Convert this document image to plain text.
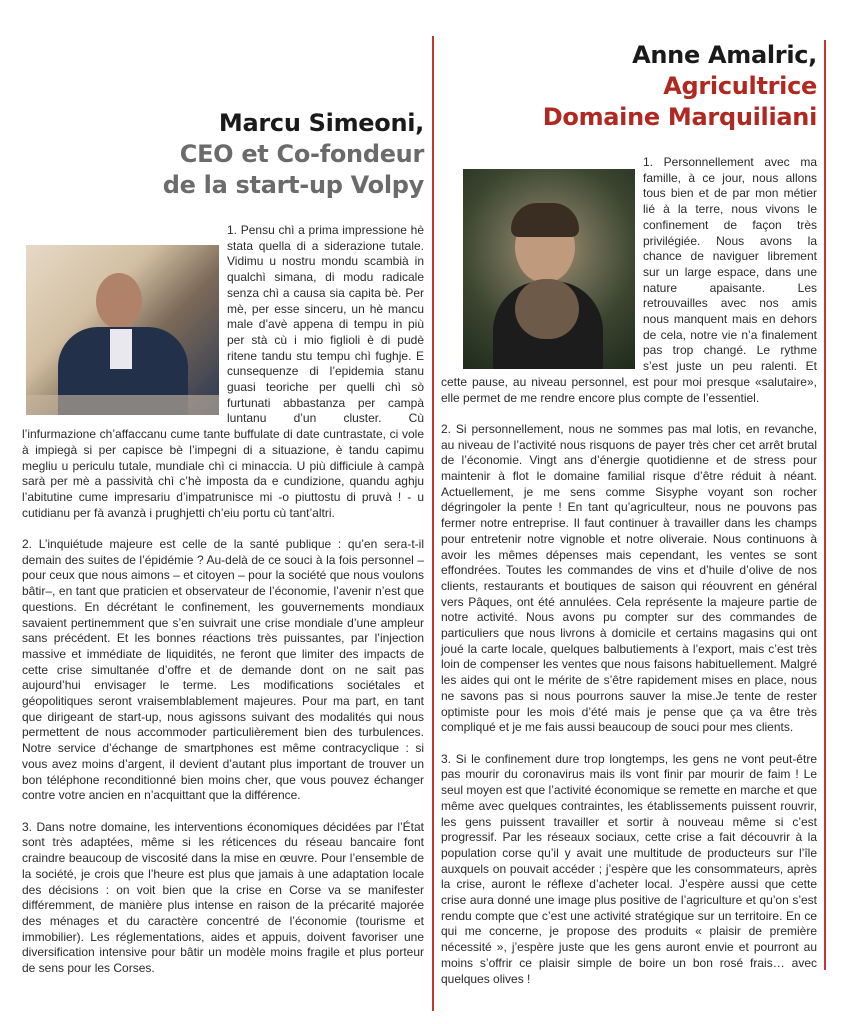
Marcu Simeoni,
CEO et Co-fondeur
de la start-up Volpy

1. Pensu chì a prima impressione hè stata quella di a siderazione tutale. Vidimu u nostru mondu scambià in qualchì simana, di modu radicale senza chì a causa sia capita bè. Per mè, per esse sinceru, un hè mancu male d’avè appena di tempu in più per stà cù i mio figlioli è di pudè ritene tandu stu tempu chì fughje. E cunsequenze di l’epidemia stanu guasi teoriche per quelli chì sò furtunati abbastanza per campà luntanu d’un cluster. Cù l’infurmazione ch’affaccanu cume tante buffulate di date cuntrastate, ci vole à impiegà si per capisce bè l’impegni di a situazione, è tandu capimu megliu u periculu tutale, mundiale chì ci minaccia. U più difficiule à campà sarà per mè a passività chì c’hè imposta da e cundizione, quandu aghju l’abitutine cume impresariu d’impatrunisce mi -o piuttostu di pruvà ! - u cutidianu per fà avanzà i prughjetti ch’eiu portu cù tant’altri.

2. L’inquiétude majeure est celle de la santé publique : qu’en sera-t-il demain des suites de l’épidémie ? Au-delà de ce souci à la fois personnel – pour ceux que nous aimons – et citoyen – pour la société que nous voulons bâtir–, en tant que praticien et observateur de l’économie, l’avenir n’est que questions. En décrétant le confinement, les gouvernements mondiaux savaient pertinemment que s’en suivrait une crise mondiale d’une ampleur sans précédent. Et les bonnes réactions très puissantes, par l’injection massive et immédiate de liquidités, ne feront que limiter des impacts de cette crise simultanée d’offre et de demande dont on ne sait pas aujourd’hui envisager le terme. Les modifications sociétales et géopolitiques seront vraisemblablement majeures. Pour ma part, en tant que dirigeant de start-up, nous agissons suivant des modalités qui nous permettent de nous accommoder particulièrement bien des turbulences. Notre service d’échange de smartphones est même contracyclique : si vous avez moins d’argent, il devient d’autant plus important de trouver un bon téléphone reconditionné bien moins cher, que vous pouvez échanger contre votre ancien en n’acquittant que la différence.

3. Dans notre domaine, les interventions économiques décidées par l’État sont très adaptées, même si les réticences du réseau bancaire font craindre beaucoup de viscosité dans la mise en œuvre. Pour l’ensemble de la société, je crois que l’heure est plus que jamais à une adaptation locale des décisions : on voit bien que la crise en Corse va se manifester différemment, de manière plus intense en raison de la précarité majorée des ménages et du caractère concentré de l’économie (tourisme et immobilier). Les réglementations, aides et appuis, doivent favoriser une diversification intensive pour bâtir un modèle moins fragile et plus porteur de sens pour les Corses.

Anne Amalric,
Agricultrice
Domaine Marquiliani

1. Personnellement avec ma famille, à ce jour, nous allons tous bien et de par mon métier lié à la terre, nous vivons le confinement de façon très privilégiée. Nous avons la chance de naviguer librement sur un large espace, dans une nature apaisante. Les retrouvailles avec nos amis nous manquent mais en dehors de cela, notre vie n’a finalement pas trop changé. Le rythme s’est juste un peu ralenti. Et cette pause, au niveau personnel, est pour moi presque «salutaire», elle permet de me rendre encore plus compte de l’essentiel.

2. Si personnellement, nous ne sommes pas mal lotis, en revanche, au niveau de l’activité nous risquons de payer très cher cet arrêt brutal de l’économie. Vingt ans d’énergie quotidienne et de stress pour maintenir à flot le domaine familial risque d’être réduit à néant. Actuellement, je me sens comme Sisyphe voyant son rocher dégringoler la pente ! En tant qu’agriculteur, nous ne pouvons pas fermer notre entreprise. Il faut continuer à travailler dans les champs pour entretenir notre vignoble et notre oliveraie. Nous continuons à avoir les mêmes dépenses mais cependant, les ventes se sont effondrées. Toutes les commandes de vins et d’huile d’olive de nos clients, restaurants et boutiques de saison qui réouvrent en général vers Pâques, ont été annulées. Cela représente la majeure partie de notre activité. Nous avons pu compter sur des commandes de particuliers que nous livrons à domicile et certains magasins qui ont joué la carte locale, quelques balbutiements à l’export, mais c’est très loin de compenser les ventes que nous faisons habituellement. Malgré les aides qui ont le mérite de s’être rapidement mises en place, nous ne savons pas si nous pourrons sauver la mise.Je tente de rester optimiste pour les mois d’été mais je pense que ça va être très compliqué et je me fais aussi beaucoup de souci pour mes clients.

3. Si le confinement dure trop longtemps, les gens ne vont peut-être pas mourir du coronavirus mais ils vont finir par mourir de faim ! Le seul moyen est que l’activité économique se remette en marche et que même avec quelques contraintes, les établissements puissent rouvrir, les gens puissent travailler et sortir à nouveau même si c’est progressif. Par les réseaux sociaux, cette crise a fait découvrir à la population corse qu’il y avait une multitude de producteurs sur l’île auxquels on pouvait accéder ; j’espère que les consommateurs, après la crise, auront le réflexe d’acheter local. J’espère aussi que cette crise aura donné une image plus positive de l’agriculture et qu’on s’est rendu compte que c’est une activité stratégique sur un territoire. En ce qui me concerne, je propose des produits « plaisir de première nécessité », j’espère juste que les gens auront envie et pourront au moins s’offrir ce plaisir simple de boire un bon rosé frais… avec quelques olives !
